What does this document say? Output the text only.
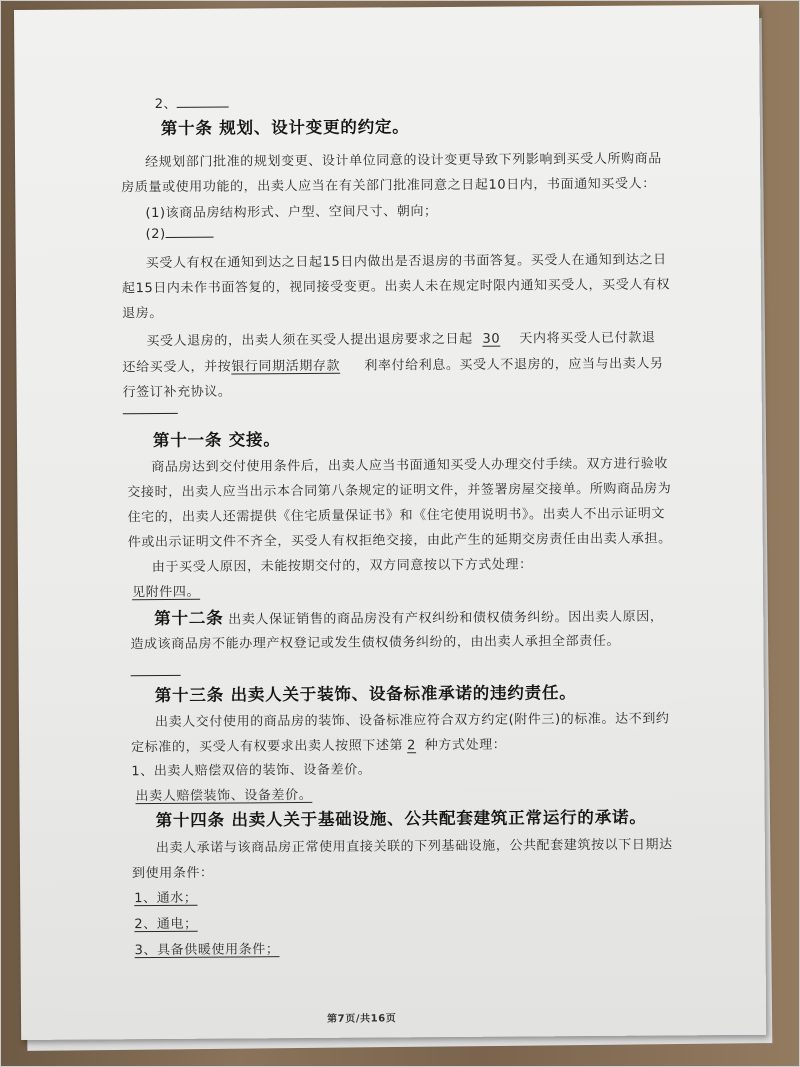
2、
第十条 规划、设计变更的约定。
经规划部门批准的规划变更、设计单位同意的设计变更导致下列影响到买受人所购商品
房质量或使用功能的，出卖人应当在有关部门批准同意之日起10日内，书面通知买受人：
(1)该商品房结构形式、户型、空间尺寸、朝向；
(2)
买受人有权在通知到达之日起15日内做出是否退房的书面答复。买受人在通知到达之日
起15日内未作书面答复的，视同接受变更。出卖人未在规定时限内通知买受人，买受人有权
退房。
买受人退房的，出卖人须在买受人提出退房要求之日起 30 天内将买受人已付款退
还给买受人，并按银行同期活期存款 利率付给利息。买受人不退房的，应当与出卖人另
行签订补充协议。
第十一条 交接。
商品房达到交付使用条件后，出卖人应当书面通知买受人办理交付手续。双方进行验收
交接时，出卖人应当出示本合同第八条规定的证明文件，并签署房屋交接单。所购商品房为
住宅的，出卖人还需提供《住宅质量保证书》和《住宅使用说明书》。出卖人不出示证明文
件或出示证明文件不齐全，买受人有权拒绝交接，由此产生的延期交房责任由出卖人承担。
由于买受人原因，未能按期交付的，双方同意按以下方式处理：
见附件四。
第十二条 出卖人保证销售的商品房没有产权纠纷和债权债务纠纷。因出卖人原因，
造成该商品房不能办理产权登记或发生债权债务纠纷的，由出卖人承担全部责任。
第十三条 出卖人关于装饰、设备标准承诺的违约责任。
出卖人交付使用的商品房的装饰、设备标准应符合双方约定(附件三)的标准。达不到约
定标准的，买受人有权要求出卖人按照下述第 2 种方式处理：
1、出卖人赔偿双倍的装饰、设备差价。
出卖人赔偿装饰、设备差价。
第十四条 出卖人关于基础设施、公共配套建筑正常运行的承诺。
出卖人承诺与该商品房正常使用直接关联的下列基础设施，公共配套建筑按以下日期达
到使用条件：
1、通水；
2、通电；
3、具备供暖使用条件；
第7页/共16页
